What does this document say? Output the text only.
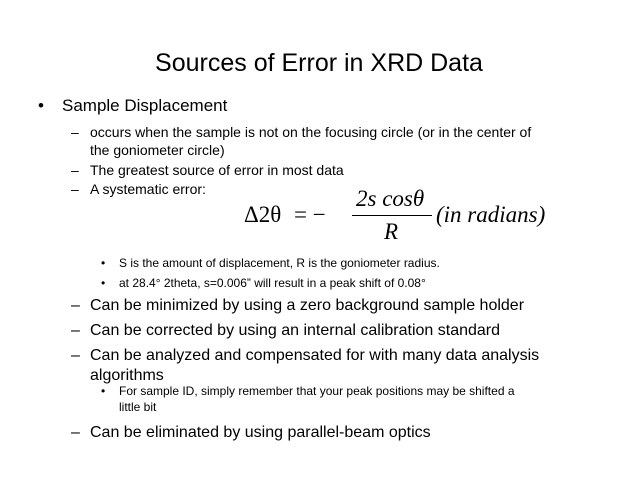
Sources of Error in XRD Data
• Sample Displacement
– occurs when the sample is not on the focusing circle (or in the center of the goniometer circle)
– The greatest source of error in most data
– A systematic error:
Δ2θ = −
2s cosθ
R
(in radians)
• S is the amount of displacement, R is the goniometer radius.
• at 28.4° 2theta, s=0.006” will result in a peak shift of 0.08°
– Can be minimized by using a zero background sample holder
– Can be corrected by using an internal calibration standard
– Can be analyzed and compensated for with many data analysis algorithms
• For sample ID, simply remember that your peak positions may be shifted a little bit
– Can be eliminated by using parallel-beam optics
